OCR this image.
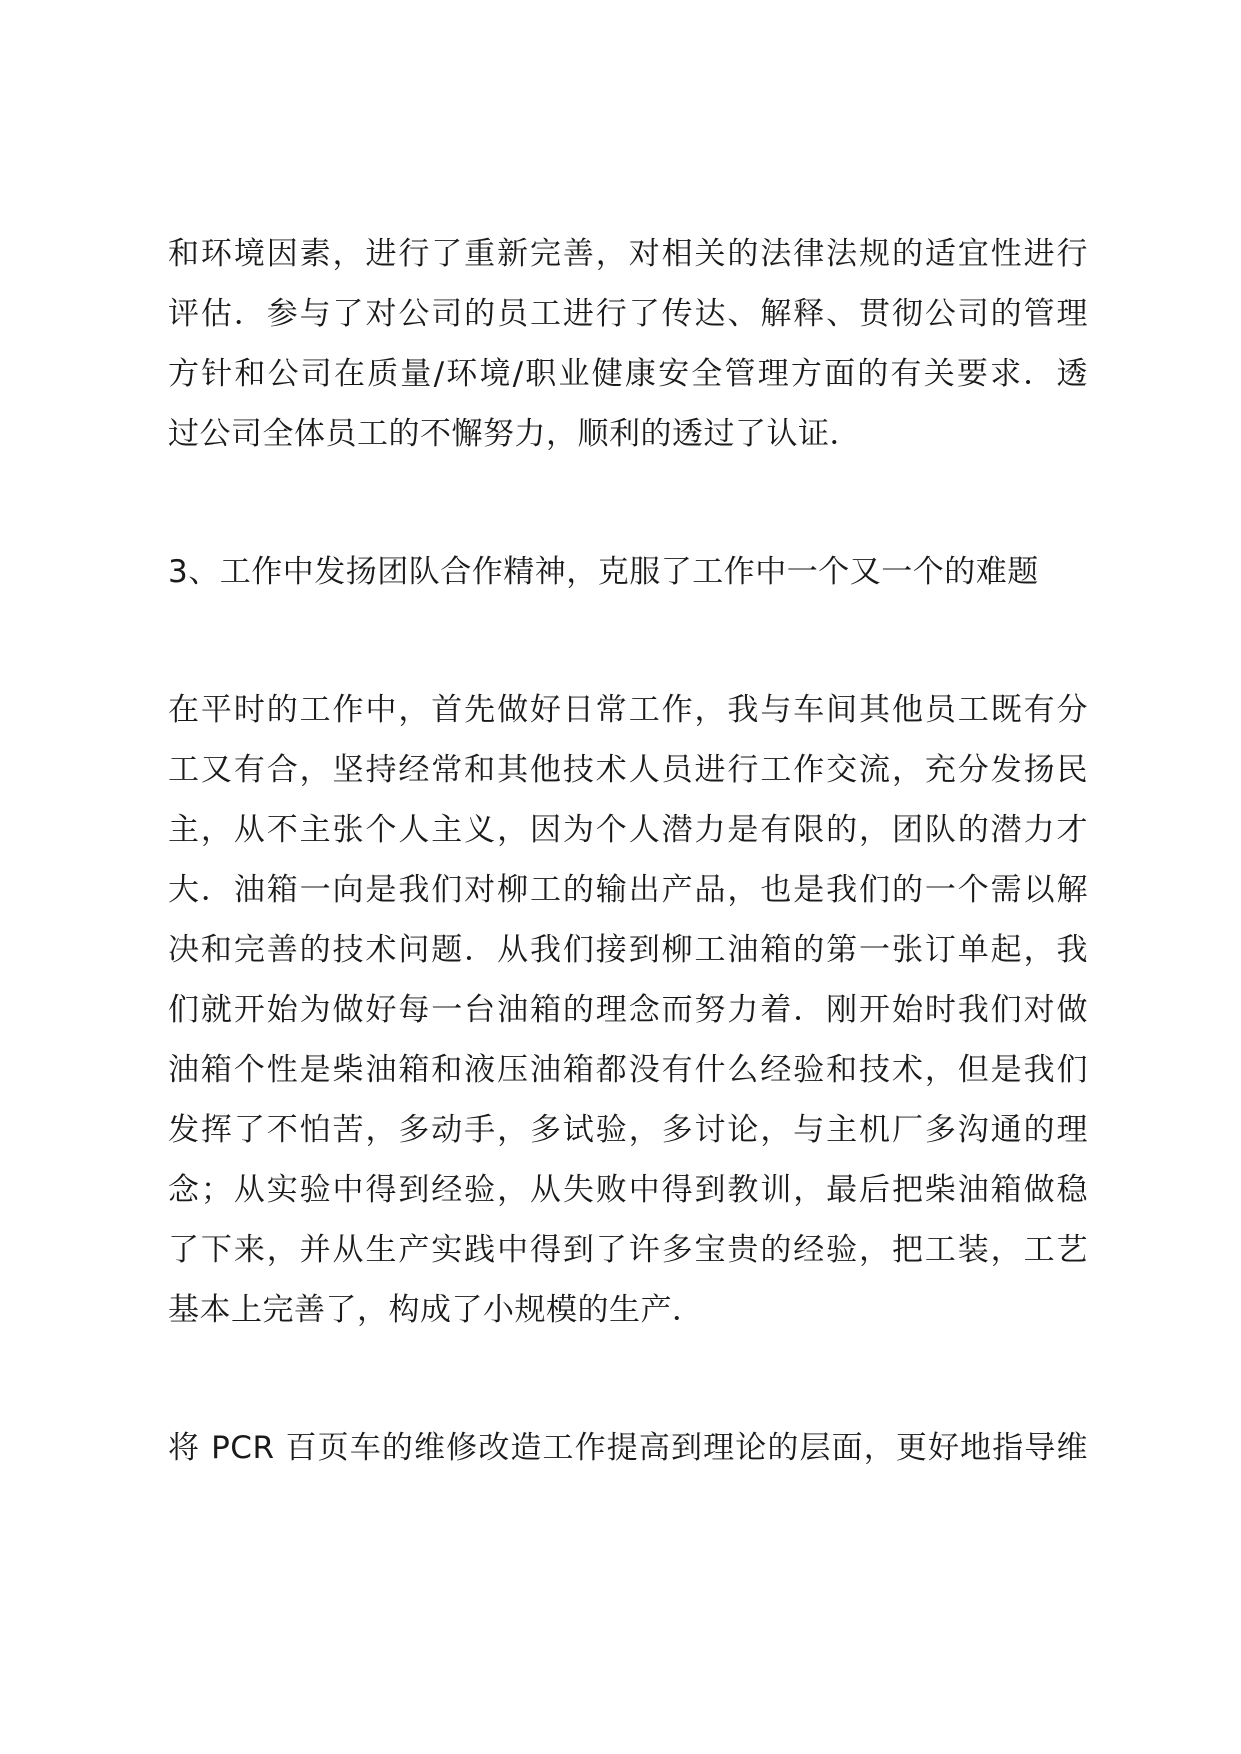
和环境因素，进行了重新完善，对相关的法律法规的适宜性进行
评估．参与了对公司的员工进行了传达、解释、贯彻公司的管理
方针和公司在质量/环境/职业健康安全管理方面的有关要求．透
过公司全体员工的不懈努力，顺利的透过了认证．
3、工作中发扬团队合作精神，克服了工作中一个又一个的难题
在平时的工作中，首先做好日常工作，我与车间其他员工既有分
工又有合，坚持经常和其他技术人员进行工作交流，充分发扬民
主，从不主张个人主义，因为个人潜力是有限的，团队的潜力才
大．油箱一向是我们对柳工的输出产品，也是我们的一个需以解
决和完善的技术问题．从我们接到柳工油箱的第一张订单起，我
们就开始为做好每一台油箱的理念而努力着．刚开始时我们对做
油箱个性是柴油箱和液压油箱都没有什么经验和技术，但是我们
发挥了不怕苦，多动手，多试验，多讨论，与主机厂多沟通的理
念；从实验中得到经验，从失败中得到教训，最后把柴油箱做稳
了下来，并从生产实践中得到了许多宝贵的经验，把工装，工艺
基本上完善了，构成了小规模的生产．
将 PCR 百页车的维修改造工作提高到理论的层面，更好地指导维
